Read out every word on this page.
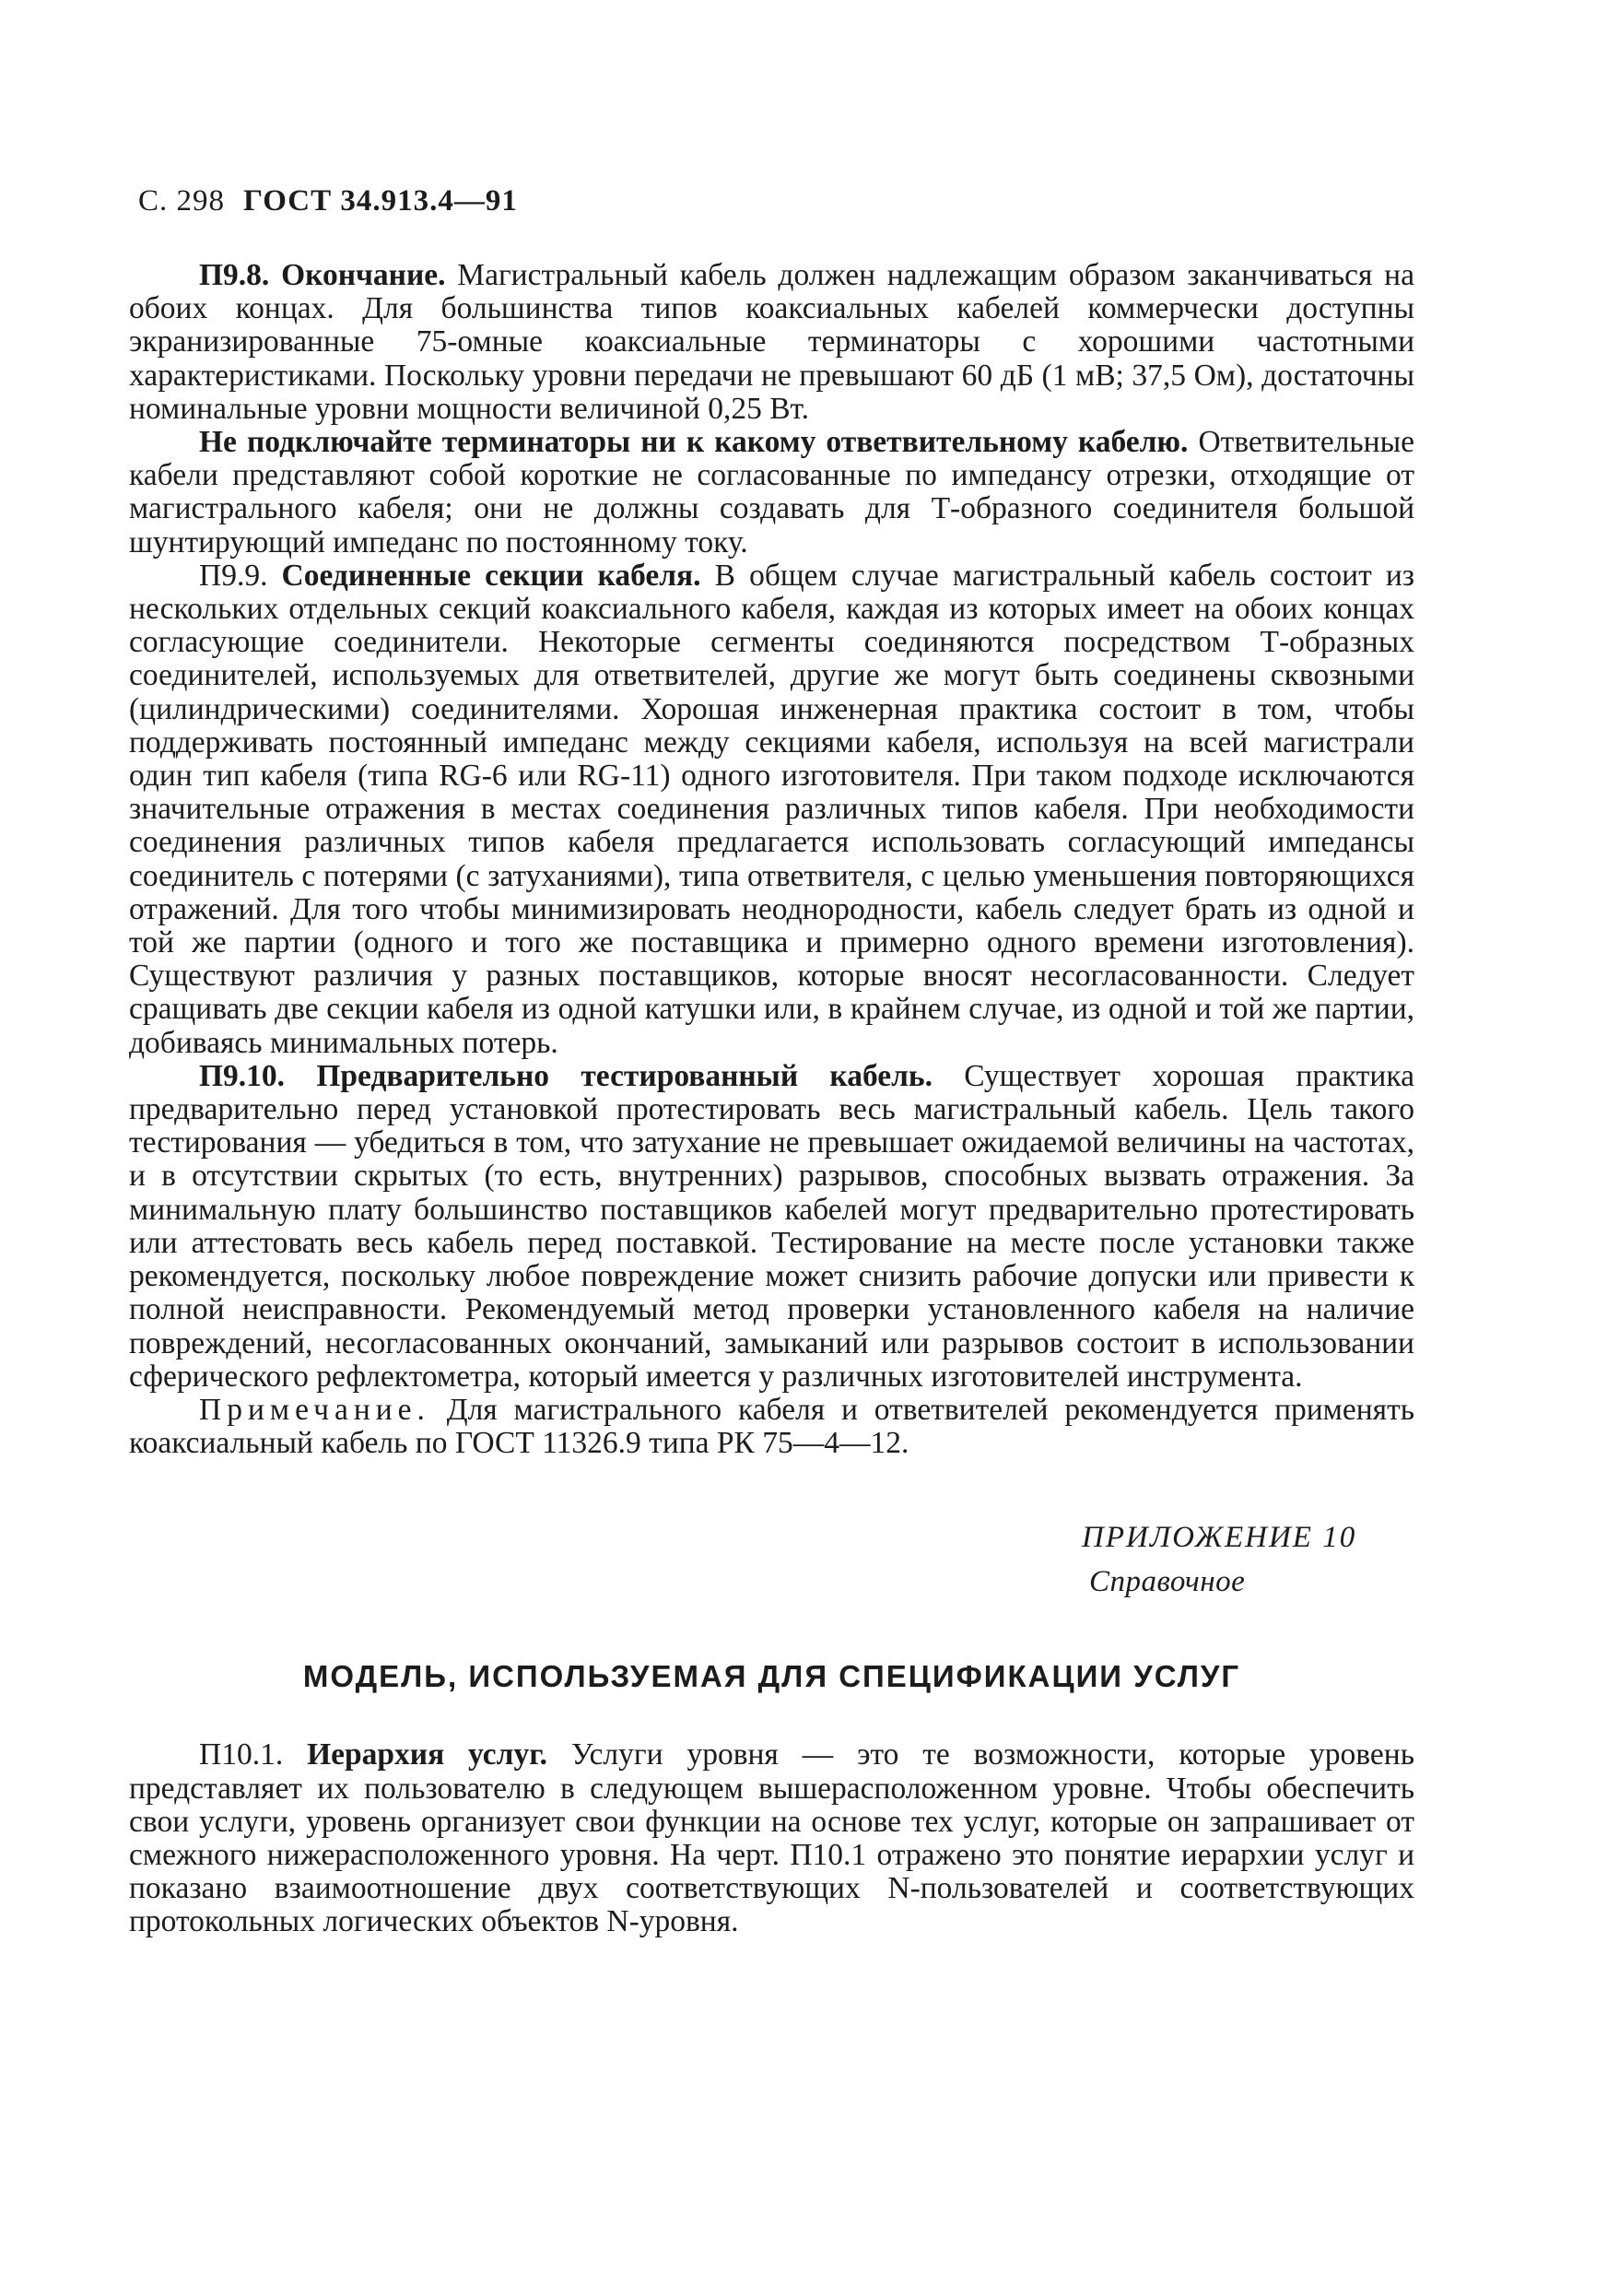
С. 298 ГОСТ 34.913.4—91

П9.8. Окончание. Магистральный кабель должен надлежащим образом заканчиваться на обоих концах. Для большинства типов коаксиальных кабелей коммерчески доступны экранизированные 75-омные коаксиальные терминаторы с хорошими частотными характеристиками. Поскольку уровни передачи не превышают 60 дБ (1 мВ; 37,5 Ом), достаточны номинальные уровни мощности величиной 0,25 Вт.

Не подключайте терминаторы ни к какому ответвительному кабелю. Ответвительные кабели представляют собой короткие не согласованные по импедансу отрезки, отходящие от магистрального кабеля; они не должны создавать для Т-образного соединителя большой шунтирующий импеданс по постоянному току.

П9.9. Соединенные секции кабеля. В общем случае магистральный кабель состоит из нескольких отдельных секций коаксиального кабеля, каждая из которых имеет на обоих концах согласующие соединители. Некоторые сегменты соединяются посредством Т-образных соединителей, используемых для ответвителей, другие же могут быть соединены сквозными (цилиндрическими) соединителями. Хорошая инженерная практика состоит в том, чтобы поддерживать постоянный импеданс между секциями кабеля, используя на всей магистрали один тип кабеля (типа RG-6 или RG-11) одного изготовителя. При таком подходе исключаются значительные отражения в местах соединения различных типов кабеля. При необходимости соединения различных типов кабеля предлагается использовать согласующий импедансы соединитель с потерями (с затуханиями), типа ответвителя, с целью уменьшения повторяющихся отражений. Для того чтобы минимизировать неоднородности, кабель следует брать из одной и той же партии (одного и того же поставщика и примерно одного времени изготовления). Существуют различия у разных поставщиков, которые вносят несогласованности. Следует сращивать две секции кабеля из одной катушки или, в крайнем случае, из одной и той же партии, добиваясь минимальных потерь.

П9.10. Предварительно тестированный кабель. Существует хорошая практика предварительно перед установкой протестировать весь магистральный кабель. Цель такого тестирования — убедиться в том, что затухание не превышает ожидаемой величины на частотах, и в отсутствии скрытых (то есть, внутренних) разрывов, способных вызвать отражения. За минимальную плату большинство поставщиков кабелей могут предварительно протестировать или аттестовать весь кабель перед поставкой. Тестирование на месте после установки также рекомендуется, поскольку любое повреждение может снизить рабочие допуски или привести к полной неисправности. Рекомендуемый метод проверки установленного кабеля на наличие повреждений, несогласованных окончаний, замыканий или разрывов состоит в использовании сферического рефлектометра, который имеется у различных изготовителей инструмента.

Примечание. Для магистрального кабеля и ответвителей рекомендуется применять коаксиальный кабель по ГОСТ 11326.9 типа РК 75—4—12.

ПРИЛОЖЕНИЕ 10
Справочное
МОДЕЛЬ, ИСПОЛЬЗУЕМАЯ ДЛЯ СПЕЦИФИКАЦИИ УСЛУГ

П10.1. Иерархия услуг. Услуги уровня — это те возможности, которые уровень представляет их пользователю в следующем вышерасположенном уровне. Чтобы обеспечить свои услуги, уровень организует свои функции на основе тех услуг, которые он запрашивает от смежного нижерасположенного уровня. На черт. П10.1 отражено это понятие иерархии услуг и показано взаимоотношение двух соответствующих N-пользователей и соответствующих протокольных логических объектов N-уровня.
